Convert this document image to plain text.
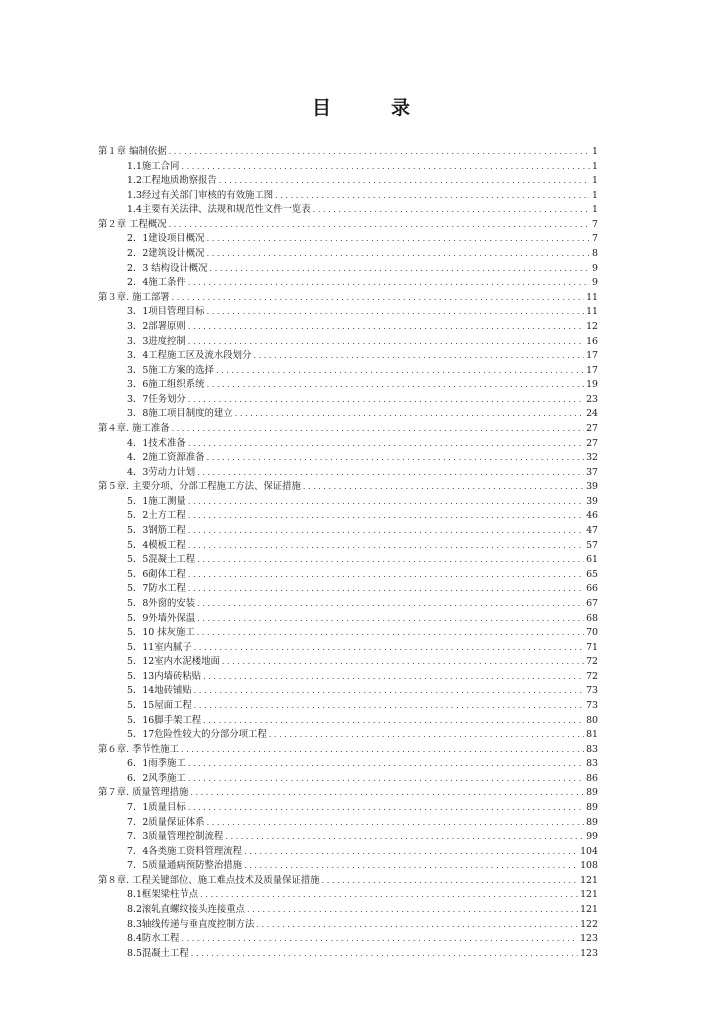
目	录
第１章 编制依据 .....	1
1.1施工合同 .....	1
1.2工程地质勘察报告 .....	1
1.3经过有关部门审核的有效施工图 .....	1
1.4主要有关法律、法规和规范性文件一览表 .....	1
第２章 工程概况 .....	7
2．1建设项目概况 .....	7
2．2建筑设计概况 .....	8
2．3 结构设计概况 .....	9
2．4施工条件 .....	9
第３章. 施工部署 .....	11
3．1项目管理目标 .....	11
3．2部署原则 .....	12
3．3进度控制 .....	16
3．4工程施工区及流水段划分 .....	17
3．5施工方案的选择 .....	17
3．6施工组织系统 .....	19
3．7任务划分 .....	23
3．8施工项目制度的建立 .....	24
第４章. 施工准备 .....	27
4．1技术准备 .....	27
4．2施工资源准备 .....	32
4．3劳动力计划 .....	37
第５章. 主要分项、分部工程施工方法、保证措施 .....	39
5．1施工测量 .....	39
5．2土方工程 .....	46
5．3钢筋工程 .....	47
5．4模板工程 .....	57
5．5混凝土工程 .....	61
5．6砌体工程 .....	65
5．7防水工程 .....	66
5．8外窗的安装 .....	67
5．9外墙外保温 .....	68
5．10 抹灰施工 .....	70
5．11室内腻子 .....	71
5．12室内水泥楼地面 .....	72
5．13内墙砖粘贴 .....	72
5．14地砖铺贴 .....	73
5．15屋面工程 .....	73
5．16脚手架工程 .....	80
5．17危险性较大的分部分项工程 .....	81
第６章. 季节性施工 .....	83
6．1雨季施工 .....	83
6．2风季施工 .....	86
第７章. 质量管理措施 .....	89
7．1质量目标 .....	89
7．2质量保证体系 .....	89
7．3质量管理控制流程 .....	99
7．4各类施工资料管理流程 .....	104
7．5质量通病预防整治措施 .....	108
第８章. 工程关键部位、施工难点技术及质量保证措施 .....	121
8.1框架梁柱节点 .....	121
8.2滚轧直螺纹接头连接重点 .....	121
8.3轴线传递与垂直度控制方法 .....	122
8.4防水工程 .....	123
8.5混凝土工程 .....	123
